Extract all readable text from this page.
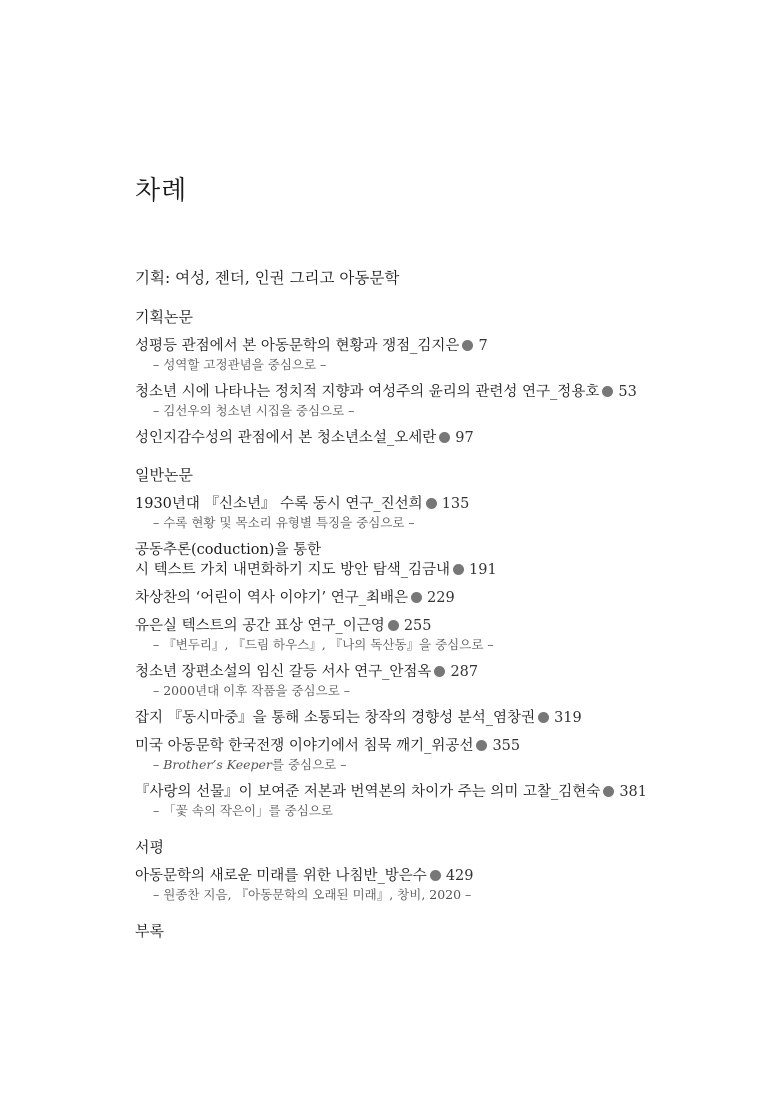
차례
기획: 여성, 젠더, 인권 그리고 아동문학
기획논문
성평등 관점에서 본 아동문학의 현황과 쟁점_김지은 7
– 성역할 고정관념을 중심으로 –
청소년 시에 나타나는 정치적 지향과 여성주의 윤리의 관련성 연구_정용호 53
– 김선우의 청소년 시집을 중심으로 –
성인지감수성의 관점에서 본 청소년소설_오세란 97
일반논문
1930년대 『신소년』 수록 동시 연구_진선희 135
– 수록 현황 및 목소리 유형별 특징을 중심으로 –
공동추론(coduction)을 통한
시 텍스트 가치 내면화하기 지도 방안 탐색_김금내 191
차상찬의 ‘어린이 역사 이야기’ 연구_최배은 229
유은실 텍스트의 공간 표상 연구_이근영 255
– 『변두리』, 『드림 하우스』, 『나의 독산동』을 중심으로 –
청소년 장편소설의 임신 갈등 서사 연구_안점옥 287
– 2000년대 이후 작품을 중심으로 –
잡지 『동시마중』을 통해 소통되는 창작의 경향성 분석_염창권 319
미국 아동문학 한국전쟁 이야기에서 침묵 깨기_위공선 355
– Brother’s Keeper를 중심으로 –
『사랑의 선물』이 보여준 저본과 번역본의 차이가 주는 의미 고찰_김현숙 381
– 「꽃 속의 작은이」를 중심으로
서평
아동문학의 새로운 미래를 위한 나침반_방은수 429
– 원종찬 지음, 『아동문학의 오래된 미래』, 창비, 2020 –
부록
